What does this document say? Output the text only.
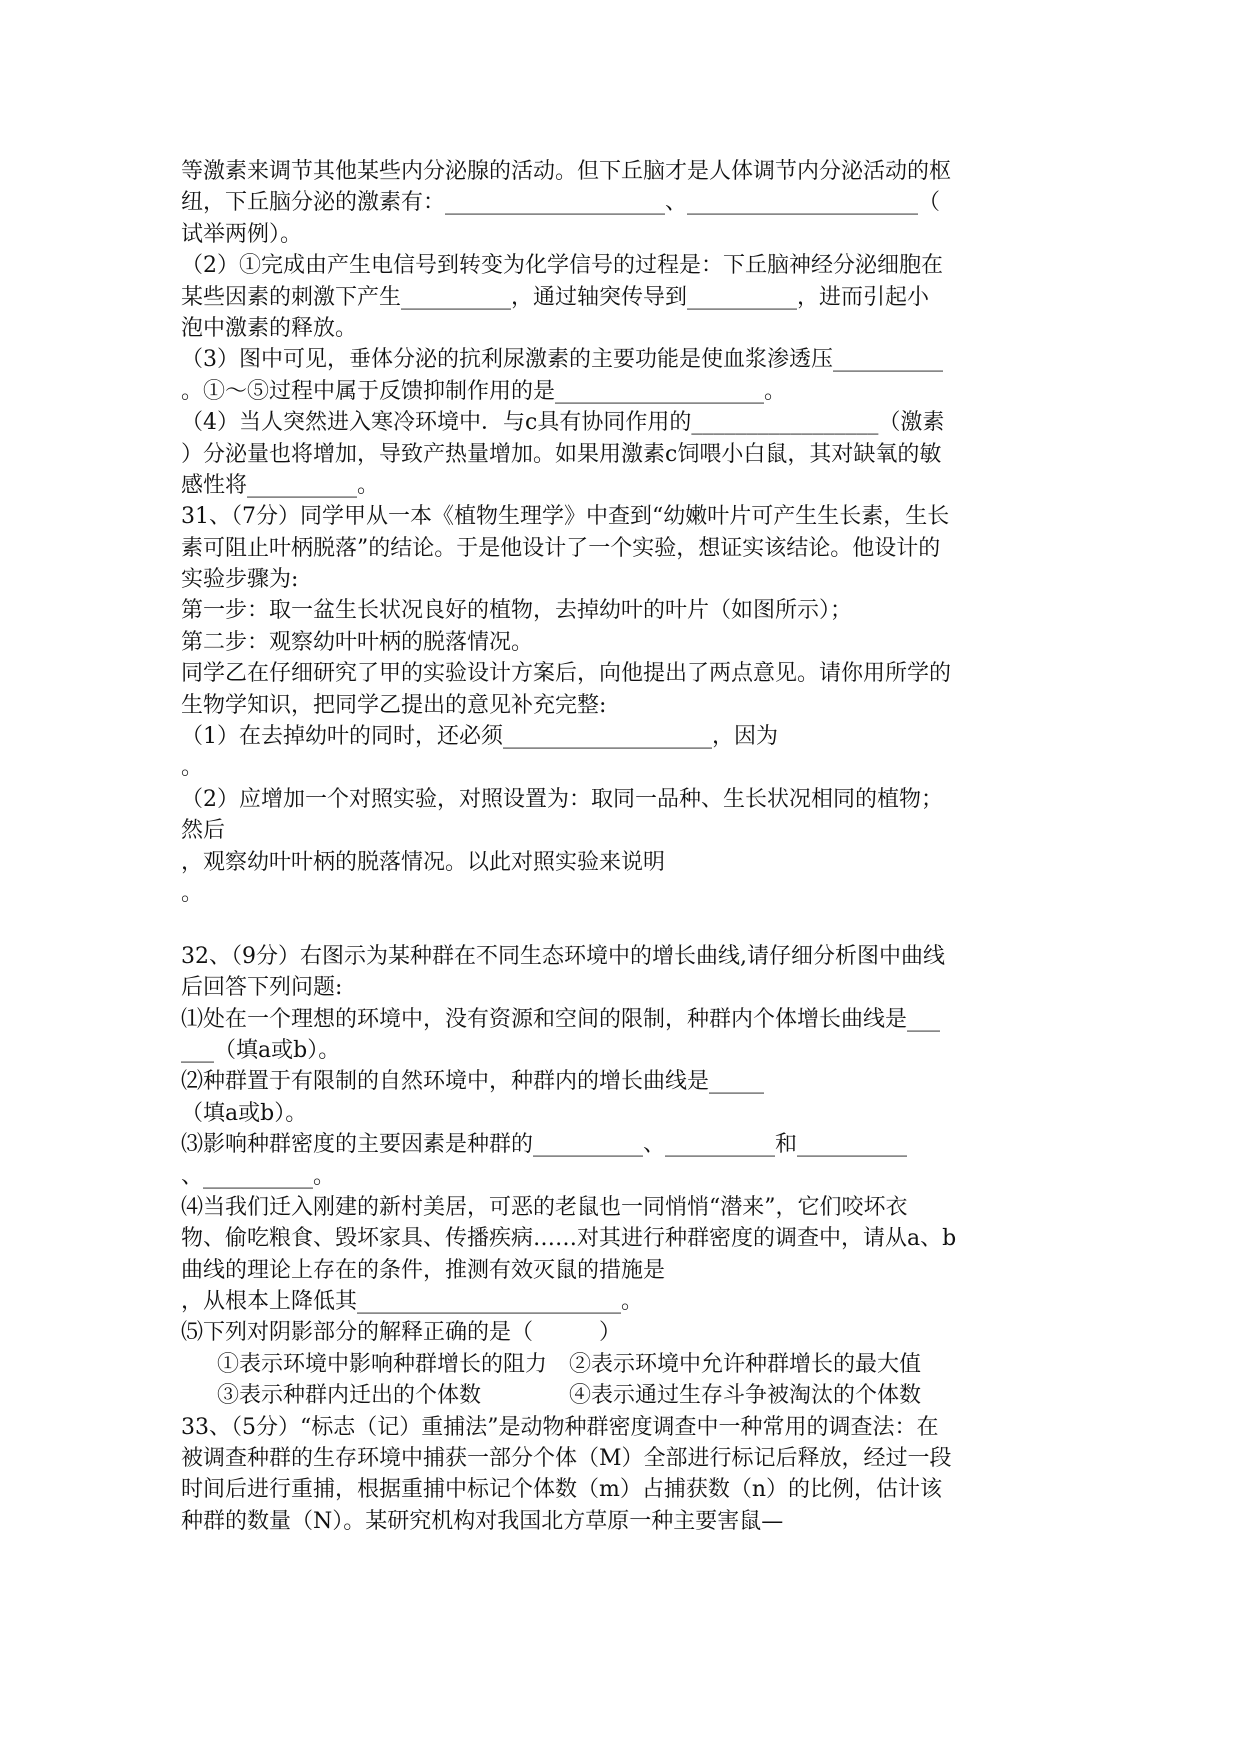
等激素来调节其他某些内分泌腺的活动。但下丘脑才是人体调节内分泌活动的枢
纽，下丘脑分泌的激素有：____________________、_____________________（
试举两例）。
（2）①完成由产生电信号到转变为化学信号的过程是：下丘脑神经分泌细胞在
某些因素的刺激下产生__________，通过轴突传导到__________，进而引起小
泡中激素的释放。
（3）图中可见，垂体分泌的抗利尿激素的主要功能是使血浆渗透压__________
。①～⑤过程中属于反馈抑制作用的是___________________。
（4）当人突然进入寒冷环境中．与c具有协同作用的_________________（激素
）分泌量也将增加，导致产热量增加。如果用激素c饲喂小白鼠，其对缺氧的敏
感性将__________。
31、（7分）同学甲从一本《植物生理学》中查到“幼嫩叶片可产生生长素，生长
素可阻止叶柄脱落”的结论。于是他设计了一个实验，想证实该结论。他设计的
实验步骤为:
第一步：取一盆生长状况良好的植物，去掉幼叶的叶片（如图所示）；
第二步：观察幼叶叶柄的脱落情况。
同学乙在仔细研究了甲的实验设计方案后，向他提出了两点意见。请你用所学的
生物学知识，把同学乙提出的意见补充完整:
（1）在去掉幼叶的同时，还必须___________________，因为
。
（2）应增加一个对照实验，对照设置为：取同一品种、生长状况相同的植物；
然后
，观察幼叶叶柄的脱落情况。以此对照实验来说明
。
32、（9分）右图示为某种群在不同生态环境中的增长曲线,请仔细分析图中曲线
后回答下列问题:
⑴处在一个理想的环境中，没有资源和空间的限制，种群内个体增长曲线是___
___（填a或b）。
⑵种群置于有限制的自然环境中，种群内的增长曲线是_____
（填a或b）。
⑶影响种群密度的主要因素是种群的__________、__________和__________
、__________。
⑷当我们迁入刚建的新村美居，可恶的老鼠也一同悄悄“潜来”，它们咬坏衣
物、偷吃粮食、毁坏家具、传播疾病……对其进行种群密度的调查中，请从a、b
曲线的理论上存在的条件，推测有效灭鼠的措施是
，从根本上降低其________________________。
⑸下列对阴影部分的解释正确的是（　　　）
①表示环境中影响种群增长的阻力　②表示环境中允许种群增长的最大值
③表示种群内迁出的个体数　　　　④表示通过生存斗争被淘汰的个体数
33、（5分）“标志（记）重捕法”是动物种群密度调查中一种常用的调查法：在
被调查种群的生存环境中捕获一部分个体（M）全部进行标记后释放，经过一段
时间后进行重捕，根据重捕中标记个体数（m）占捕获数（n）的比例，估计该
种群的数量（N）。某研究机构对我国北方草原一种主要害鼠—
